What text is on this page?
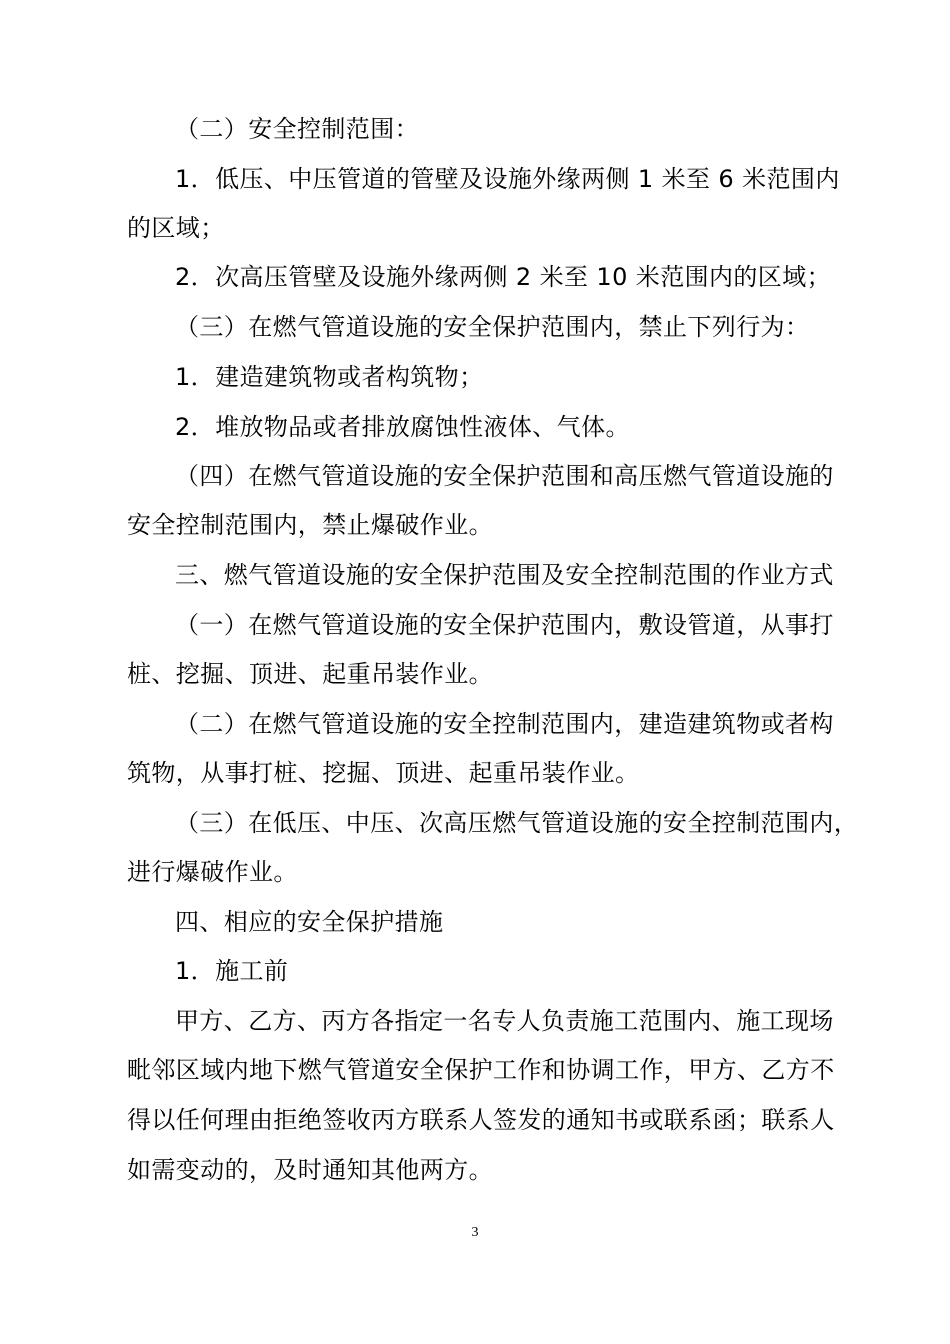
（二）安全控制范围：
1．低压、中压管道的管壁及设施外缘两侧 1 米至 6 米范围内
的区域；
2．次高压管壁及设施外缘两侧 2 米至 10 米范围内的区域；
（三）在燃气管道设施的安全保护范围内，禁止下列行为：
1．建造建筑物或者构筑物；
2．堆放物品或者排放腐蚀性液体、气体。
（四）在燃气管道设施的安全保护范围和高压燃气管道设施的
安全控制范围内，禁止爆破作业。
三、燃气管道设施的安全保护范围及安全控制范围的作业方式
（一）在燃气管道设施的安全保护范围内，敷设管道，从事打
桩、挖掘、顶进、起重吊装作业。
（二）在燃气管道设施的安全控制范围内，建造建筑物或者构
筑物，从事打桩、挖掘、顶进、起重吊装作业。
（三）在低压、中压、次高压燃气管道设施的安全控制范围内，
进行爆破作业。
四、相应的安全保护措施
1．施工前
甲方、乙方、丙方各指定一名专人负责施工范围内、施工现场
毗邻区域内地下燃气管道安全保护工作和协调工作，甲方、乙方不
得以任何理由拒绝签收丙方联系人签发的通知书或联系函；联系人
如需变动的，及时通知其他两方。
3
